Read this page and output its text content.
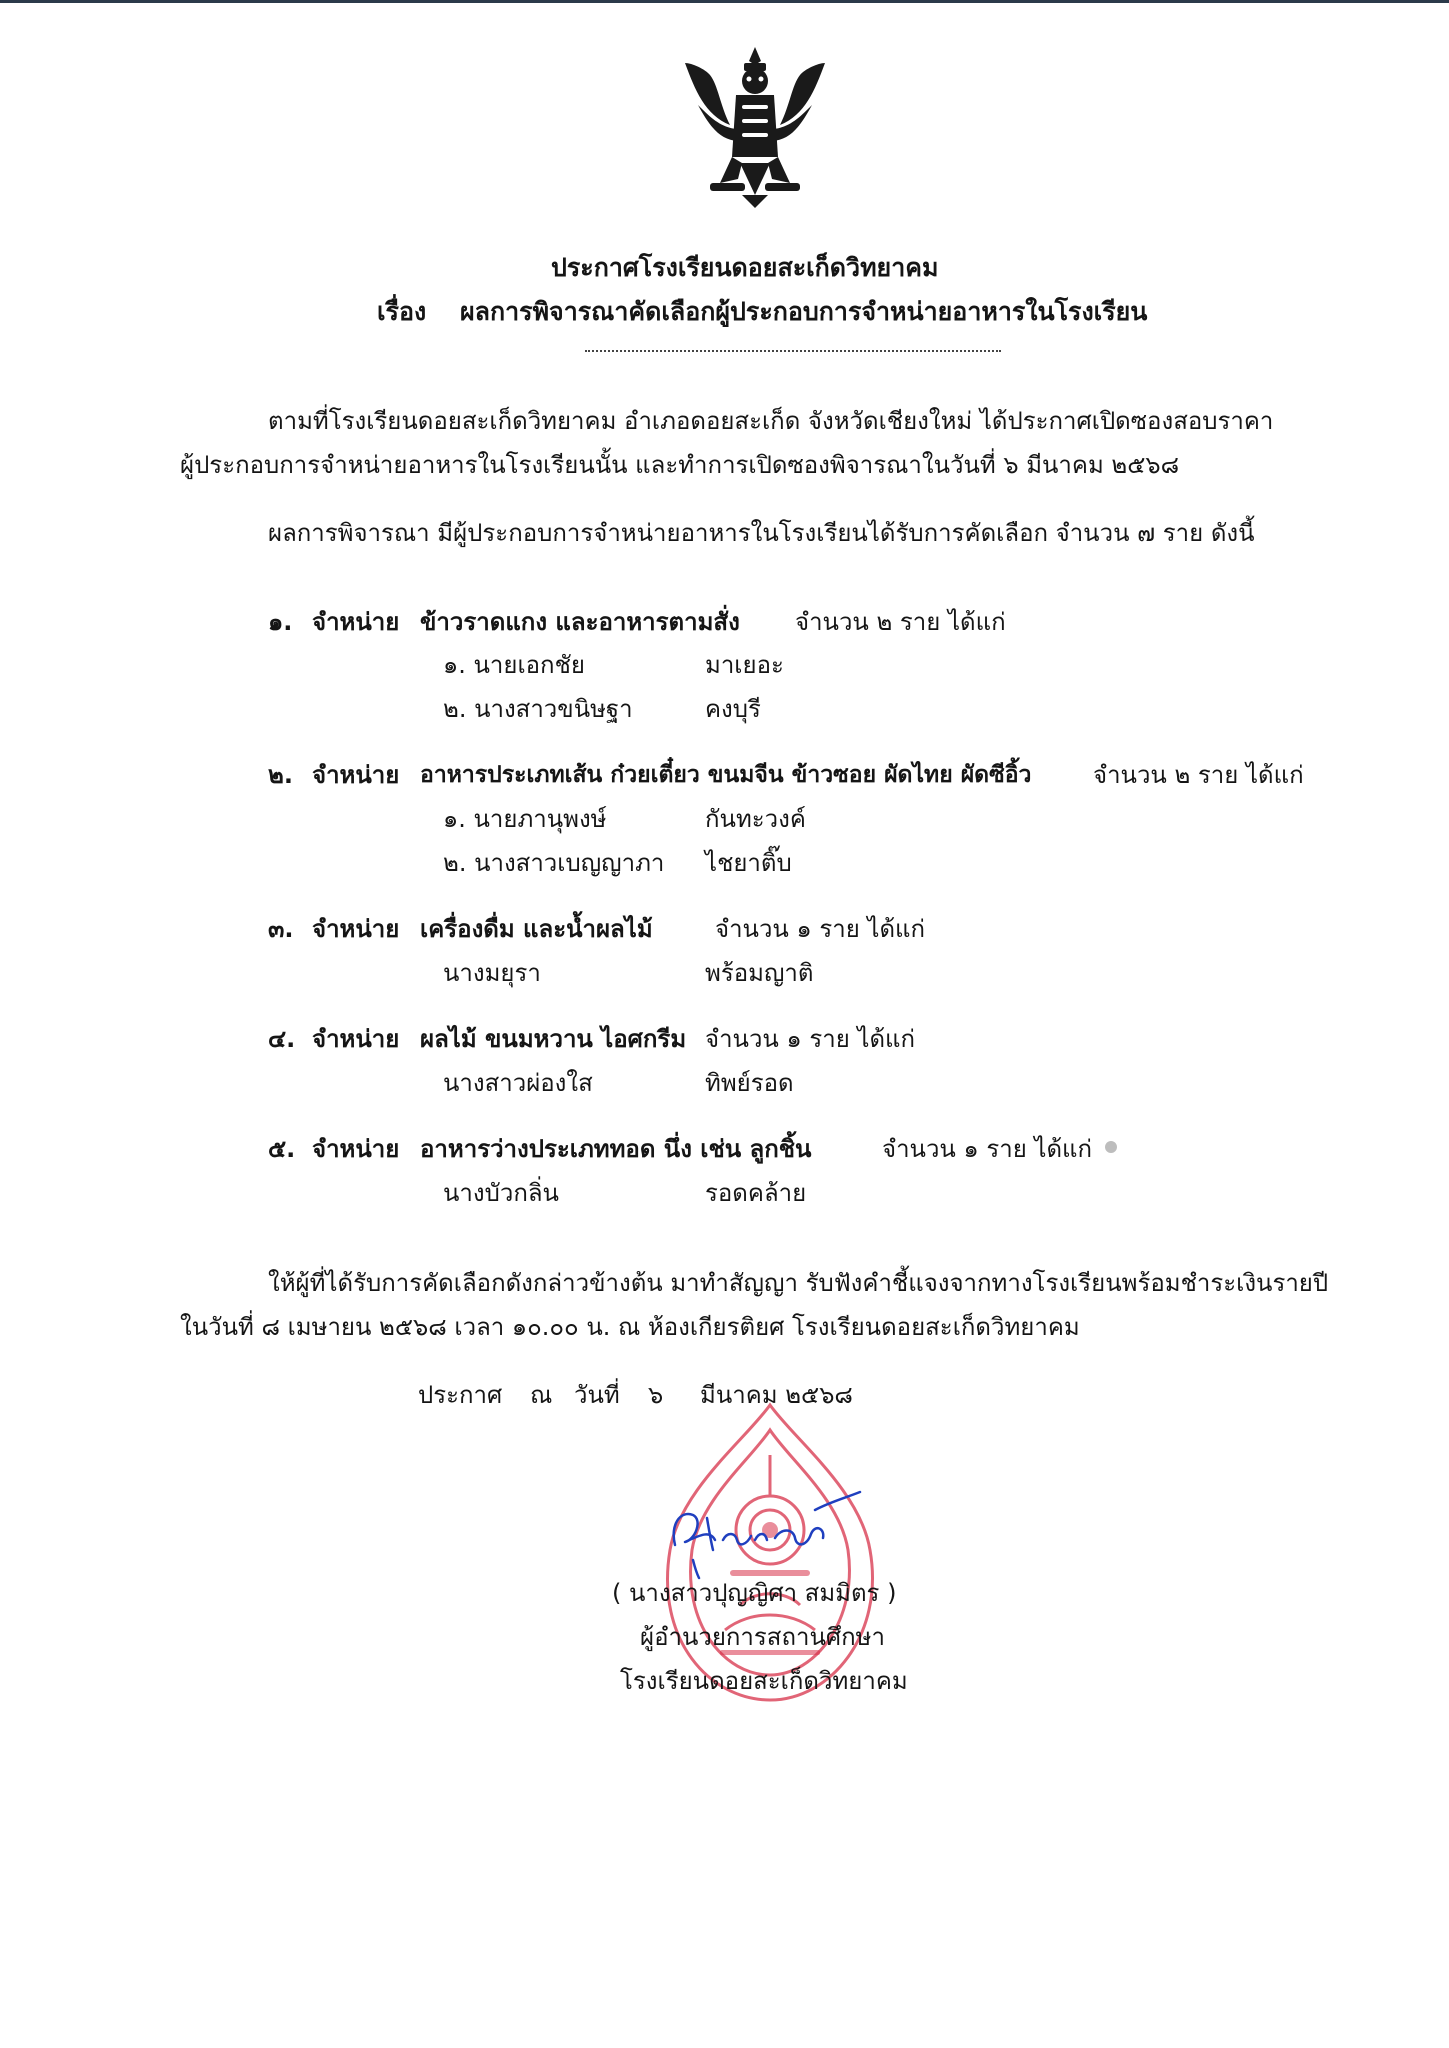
ประกาศโรงเรียนดอยสะเก็ดวิทยาคม
เรื่อง ผลการพิจารณาคัดเลือกผู้ประกอบการจำหน่ายอาหารในโรงเรียน
ตามที่โรงเรียนดอยสะเก็ดวิทยาคม อำเภอดอยสะเก็ด จังหวัดเชียงใหม่ ได้ประกาศเปิดซองสอบราคา
ผู้ประกอบการจำหน่ายอาหารในโรงเรียนนั้น และทำการเปิดซองพิจารณาในวันที่ ๖ มีนาคม ๒๕๖๘
ผลการพิจารณา มีผู้ประกอบการจำหน่ายอาหารในโรงเรียนได้รับการคัดเลือก จำนวน ๗ ราย ดังนี้
๑. จำหน่าย ข้าวราดแกง และอาหารตามสั่ง จำนวน ๒ ราย ได้แก่
๑. นายเอกชัย	มาเยอะ
๒. นางสาวขนิษฐา	คงบุรี
๒. จำหน่าย อาหารประเภทเส้น ก๋วยเตี๋ยว ขนมจีน ข้าวซอย ผัดไทย ผัดซีอิ้ว	จำนวน ๒ ราย ได้แก่
๑. นายภานุพงษ์	กันทะวงค์
๒. นางสาวเบญญาภา ไชยาติ๊บ
๓. จำหน่าย เครื่องดื่ม และน้ำผลไม้	จำนวน ๑ ราย ได้แก่
นางมยุรา	พร้อมญาติ
๔. จำหน่าย ผลไม้ ขนมหวาน ไอศกรีม จำนวน ๑ ราย ได้แก่
นางสาวผ่องใส	ทิพย์รอด
๕. จำหน่าย อาหารว่างประเภททอด นึ่ง เช่น ลูกชิ้น	จำนวน ๑ ราย ได้แก่
นางบัวกลิ่น	รอดคล้าย
ให้ผู้ที่ได้รับการคัดเลือกดังกล่าวข้างต้น มาทำสัญญา รับฟังคำชี้แจงจากทางโรงเรียนพร้อมชำระเงินรายปี
ในวันที่ ๘ เมษายน ๒๕๖๘ เวลา ๑๐.๐๐ น. ณ ห้องเกียรติยศ โรงเรียนดอยสะเก็ดวิทยาคม
ประกาศ ณ วันที่ ๖ มีนาคม ๒๕๖๘
( นางสาวปุญญิศา สมมิตร )
ผู้อำนวยการสถานศึกษา
โรงเรียนดอยสะเก็ดวิทยาคม
